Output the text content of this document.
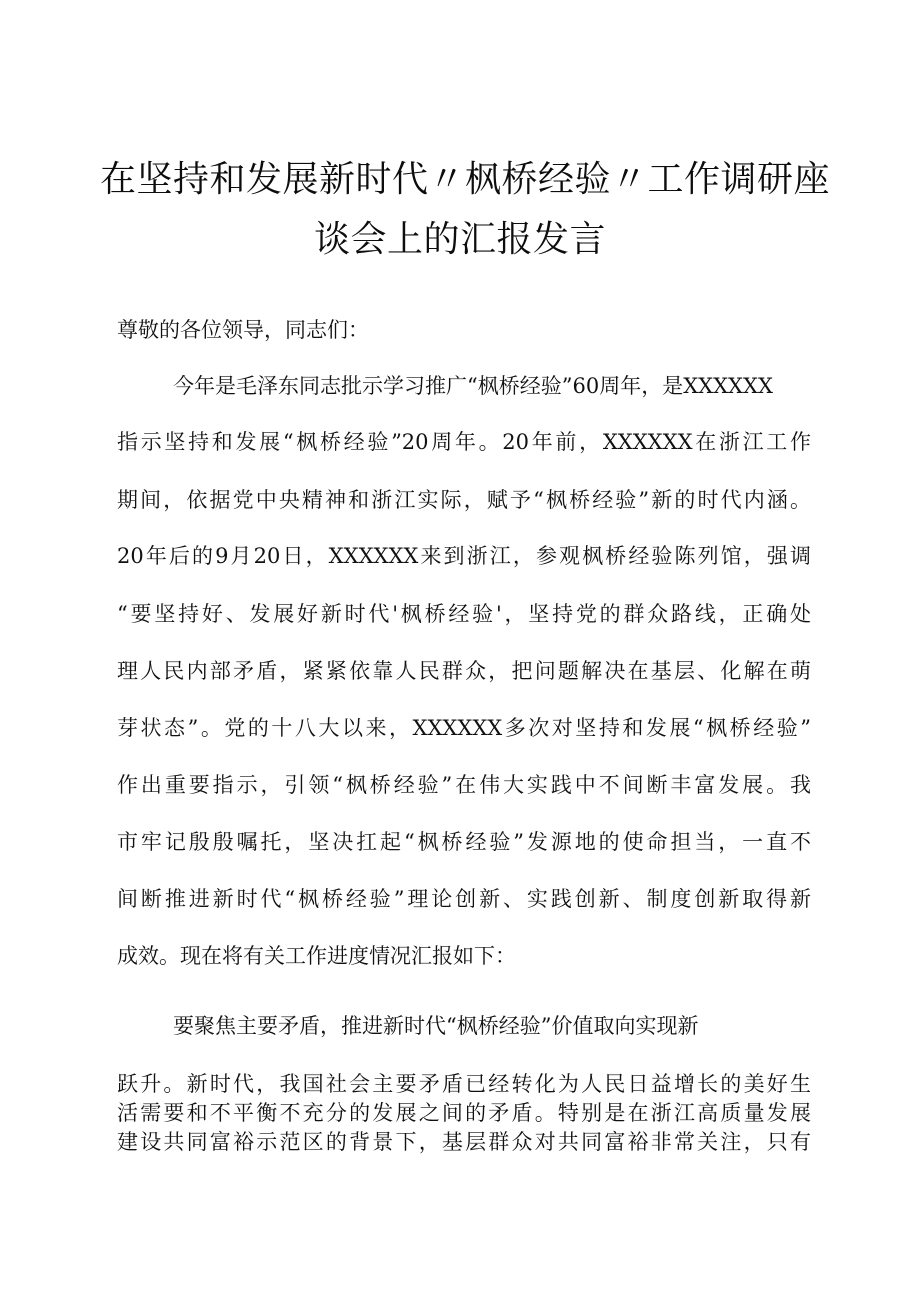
在坚持和发展新时代〃枫桥经验〃工作调研座
谈会上的汇报发言
尊敬的各位领导，同志们：
今年是毛泽东同志批示学习推广“枫桥经验”60周年，是XXXXXX
指示坚持和发展“枫桥经验”20周年。20年前，XXXXXX在浙江工作
期间，依据党中央精神和浙江实际，赋予“枫桥经验”新的时代内涵。
20年后的9月20日，XXXXXX来到浙江，参观枫桥经验陈列馆，强调
“要坚持好、发展好新时代'枫桥经验'，坚持党的群众路线，正确处
理人民内部矛盾，紧紧依靠人民群众，把问题解决在基层、化解在萌
芽状态”。党的十八大以来，XXXXXX多次对坚持和发展“枫桥经验”
作出重要指示，引领“枫桥经验”在伟大实践中不间断丰富发展。我
市牢记殷殷嘱托，坚决扛起“枫桥经验”发源地的使命担当，一直不
间断推进新时代“枫桥经验”理论创新、实践创新、制度创新取得新
成效。现在将有关工作进度情况汇报如下：
要聚焦主要矛盾，推进新时代“枫桥经验”价值取向实现新
跃升。新时代，我国社会主要矛盾已经转化为人民日益增长的美好生
活需要和不平衡不充分的发展之间的矛盾。特别是在浙江高质量发展
建设共同富裕示范区的背景下，基层群众对共同富裕非常关注，只有
